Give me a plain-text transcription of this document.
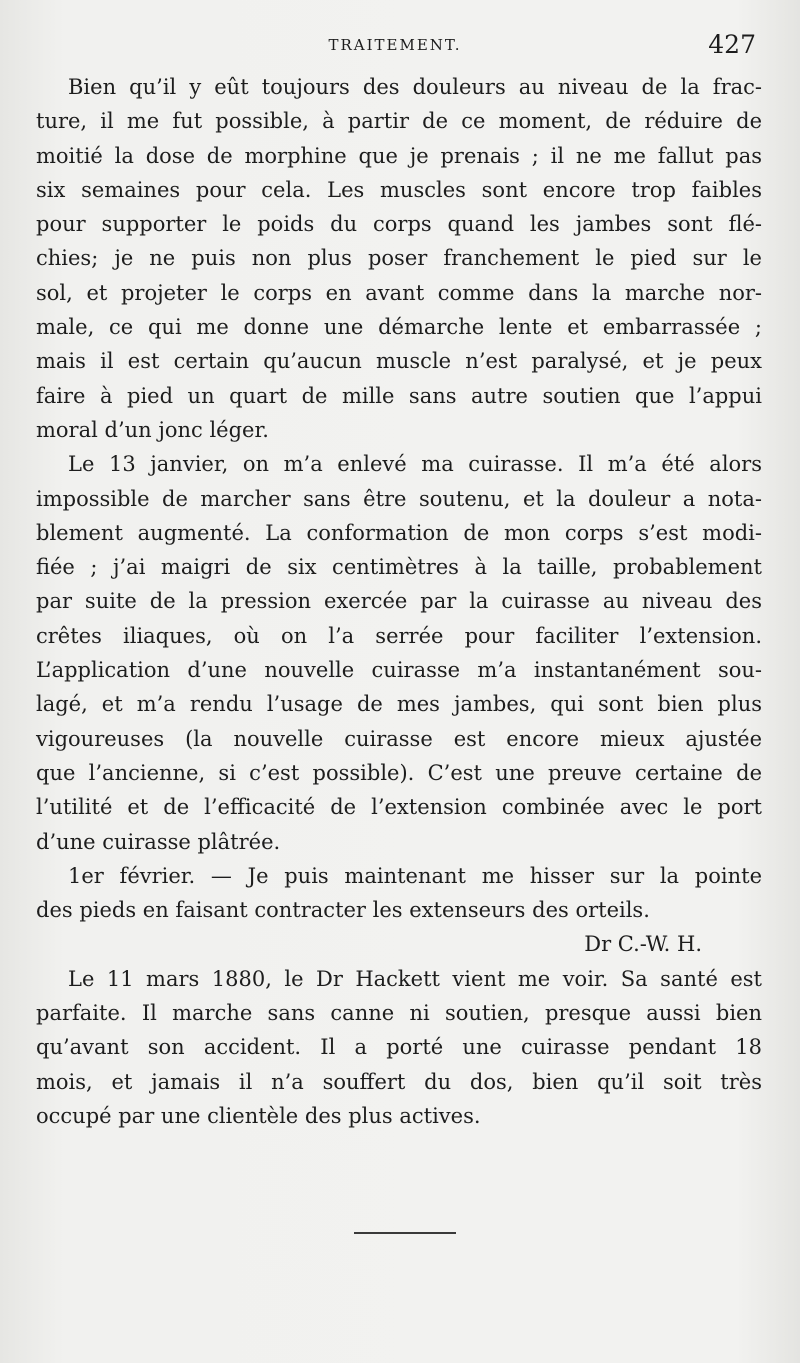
TRAITEMENT.	427
Bien qu’il y eût toujours des douleurs au niveau de la frac-
ture, il me fut possible, à partir de ce moment, de réduire de
moitié la dose de morphine que je prenais ; il ne me fallut pas
six semaines pour cela. Les muscles sont encore trop faibles
pour supporter le poids du corps quand les jambes sont flé-
chies; je ne puis non plus poser franchement le pied sur le
sol, et projeter le corps en avant comme dans la marche nor-
male, ce qui me donne une démarche lente et embarrassée ;
mais il est certain qu’aucun muscle n’est paralysé, et je peux
faire à pied un quart de mille sans autre soutien que l’appui
moral d’un jonc léger.
Le 13 janvier, on m’a enlevé ma cuirasse. Il m’a été alors
impossible de marcher sans être soutenu, et la douleur a nota-
blement augmenté. La conformation de mon corps s’est modi-
fiée ; j’ai maigri de six centimètres à la taille, probablement
par suite de la pression exercée par la cuirasse au niveau des
crêtes iliaques, où on l’a serrée pour faciliter l’extension.
L’application d’une nouvelle cuirasse m’a instantanément sou-
lagé, et m’a rendu l’usage de mes jambes, qui sont bien plus
vigoureuses (la nouvelle cuirasse est encore mieux ajustée
que l’ancienne, si c’est possible). C’est une preuve certaine de
l’utilité et de l’efficacité de l’extension combinée avec le port
d’une cuirasse plâtrée.
1er février. — Je puis maintenant me hisser sur la pointe
des pieds en faisant contracter les extenseurs des orteils.
Dr C.-W. H.
Le 11 mars 1880, le Dr Hackett vient me voir. Sa santé est
parfaite. Il marche sans canne ni soutien, presque aussi bien
qu’avant son accident. Il a porté une cuirasse pendant 18
mois, et jamais il n’a souffert du dos, bien qu’il soit très
occupé par une clientèle des plus actives.
